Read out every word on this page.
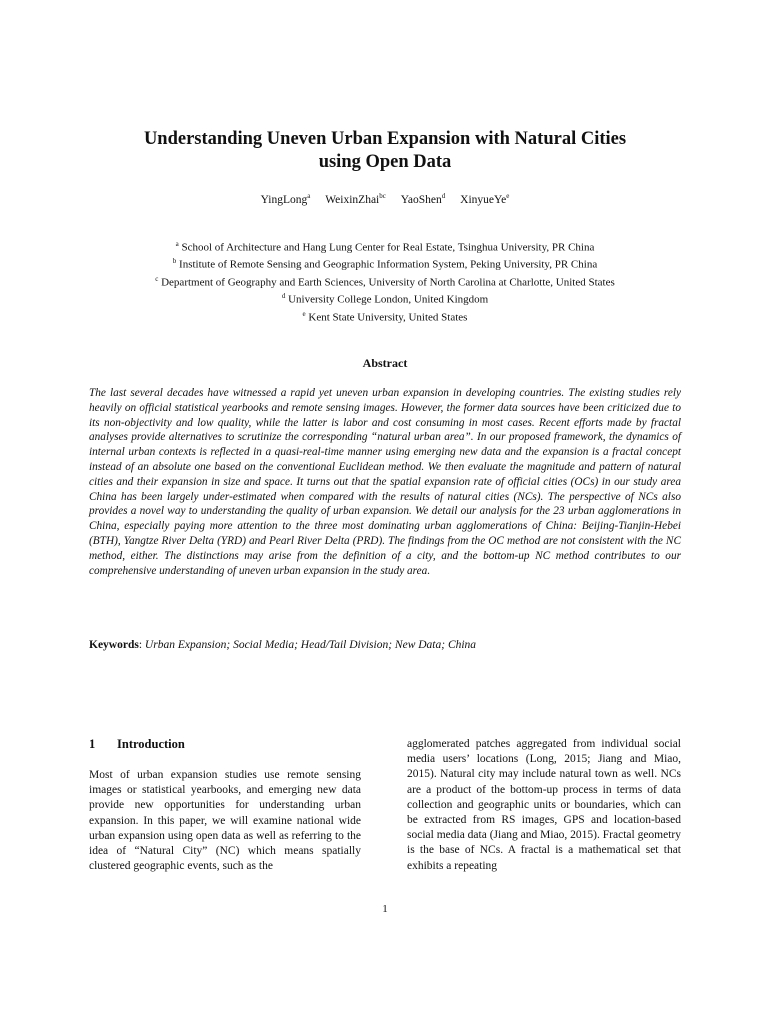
Understanding Uneven Urban Expansion with Natural Cities
using Open Data
YingLong$^a$ WeixinZhai$^{bc}$ YaoShen$^d$ XinyueYe$^e$
$^a$ School of Architecture and Hang Lung Center for Real Estate, Tsinghua University, PR China
$^b$ Institute of Remote Sensing and Geographic Information System, Peking University, PR China
$^c$ Department of Geography and Earth Sciences, University of North Carolina at Charlotte, United States
$^d$ University College London, United Kingdom
$^e$ Kent State University, United States
Abstract
The last several decades have witnessed a rapid yet uneven urban expansion in developing countries. The existing studies rely heavily on official statistical yearbooks and remote sensing images. However, the former data sources have been criticized due to its non-objectivity and low quality, while the latter is labor and cost consuming in most cases. Recent efforts made by fractal analyses provide alternatives to scrutinize the corresponding “natural urban area”. In our proposed framework, the dynamics of internal urban contexts is reflected in a quasi-real-time manner using emerging new data and the expansion is a fractal concept instead of an absolute one based on the conventional Euclidean method. We then evaluate the magnitude and pattern of natural cities and their expansion in size and space. It turns out that the spatial expansion rate of official cities (OCs) in our study area China has been largely under-estimated when compared with the results of natural cities (NCs). The perspective of NCs also provides a novel way to understanding the quality of urban expansion. We detail our analysis for the 23 urban agglomerations in China, especially paying more attention to the three most dominating urban agglomerations of China: Beijing-Tianjin-Hebei (BTH), Yangtze River Delta (YRD) and Pearl River Delta (PRD). The findings from the OC method are not consistent with the NC method, either. The distinctions may arise from the definition of a city, and the bottom-up NC method contributes to our comprehensive understanding of uneven urban expansion in the study area.
Keywords: Urban Expansion; Social Media; Head/Tail Division; New Data; China
1 Introduction
Most of urban expansion studies use remote sensing images or statistical yearbooks, and emerging new data provide new opportunities for understanding urban expansion. In this paper, we will examine national wide urban expansion using open data as well as referring to the idea of “Natural City” (NC) which means spatially clustered geographic events, such as the
agglomerated patches aggregated from individual social media users’ locations (Long, 2015; Jiang and Miao, 2015). Natural city may include natural town as well. NCs are a product of the bottom-up process in terms of data collection and geographic units or boundaries, which can be extracted from RS images, GPS and location-based social media data (Jiang and Miao, 2015). Fractal geometry is the base of NCs. A fractal is a mathematical set that exhibits a repeating
1
